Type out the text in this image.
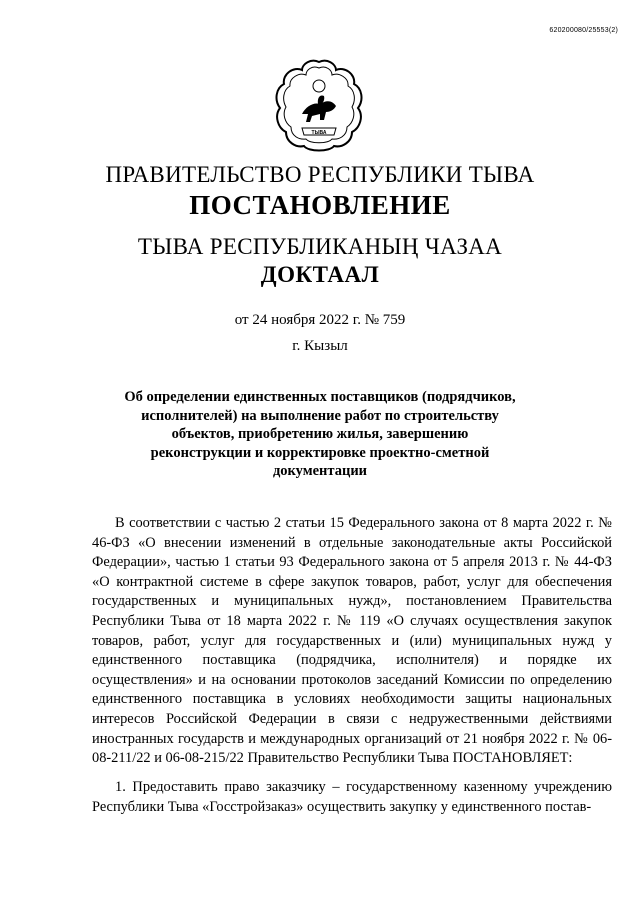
620200080/25553(2)
ТЫВА
ПРАВИТЕЛЬСТВО РЕСПУБЛИКИ ТЫВА
ПОСТАНОВЛЕНИЕ
ТЫВА РЕСПУБЛИКАНЫҢ ЧАЗАА
ДОКТААЛ
от 24 ноября 2022 г. № 759
г. Кызыл
Об определении единственных поставщиков (подрядчиков, исполнителей) на выполнение работ по строительству объектов, приобретению жилья, завершению реконструкции и корректировке проектно-сметной документации
В соответствии с частью 2 статьи 15 Федерального закона от 8 марта 2022 г. № 46-ФЗ «О внесении изменений в отдельные законодательные акты Российской Федерации», частью 1 статьи 93 Федерального закона от 5 апреля 2013 г. № 44-ФЗ «О контрактной системе в сфере закупок товаров, работ, услуг для обеспечения государственных и муниципальных нужд», постановлением Правительства Республики Тыва от 18 марта 2022 г. № 119 «О случаях осуществления закупок товаров, работ, услуг для государственных и (или) муниципальных нужд у единственного поставщика (подрядчика, исполнителя) и порядке их осуществления» и на основании протоколов заседаний Комиссии по определению единственного поставщика в условиях необходимости защиты национальных интересов Российской Федерации в связи с недружественными действиями иностранных государств и международных организаций от 21 ноября 2022 г. № 06-08-211/22 и 06-08-215/22 Правительство Республики Тыва ПОСТАНОВЛЯЕТ:
1. Предоставить право заказчику – государственному казенному учреждению Республики Тыва «Госстройзаказ» осуществить закупку у единственного постав-
